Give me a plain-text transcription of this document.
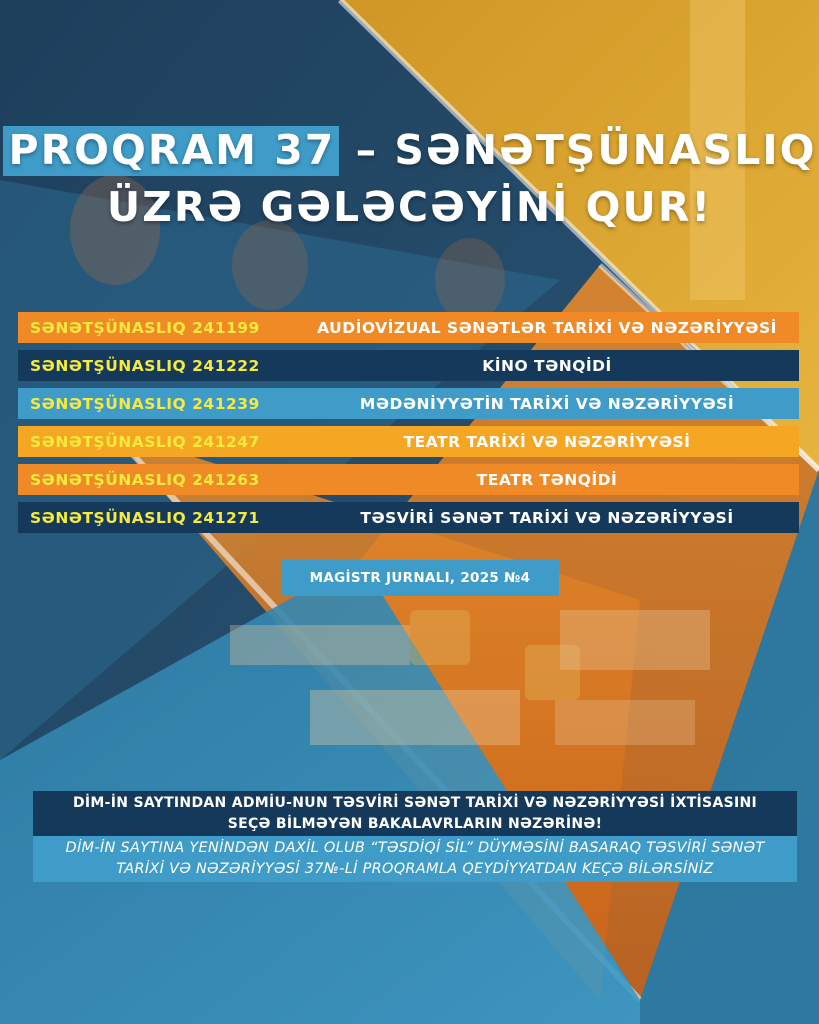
PROQRAM 37 – SƏNƏTŞÜNASLIQ
ÜZRƏ GƏLƏCƏYİNİ QUR!
SƏNƏTŞÜNASLIQ 241199	AUDİOVİZUAL SƏNƏTLƏR TARİXİ VƏ NƏZƏRİYYƏSİ
SƏNƏTŞÜNASLIQ 241222	KİNO TƏNQİDİ
SƏNƏTŞÜNASLIQ 241239	MƏDƏNİYYƏTİN TARİXİ VƏ NƏZƏRİYYƏSİ
SƏNƏTŞÜNASLIQ 241247	TEATR TARİXİ VƏ NƏZƏRİYYƏSİ
SƏNƏTŞÜNASLIQ 241263	TEATR TƏNQİDİ
SƏNƏTŞÜNASLIQ 241271	TƏSVİRİ SƏNƏT TARİXİ VƏ NƏZƏRİYYƏSİ
MAGİSTR JURNALI, 2025 №4
DİM-İN SAYTINDAN ADMİU-NUN TƏSVİRİ SƏNƏT TARİXİ VƏ NƏZƏRİYYƏSİ İXTİSASINI
SEÇƏ BİLMƏYƏN BAKALAVRLARIN NƏZƏRİNƏ!
DİM-İN SAYTINA YENİNDƏN DAXİL OLUB “TƏSDİQİ SİL” DÜYMƏSİNİ BASARAQ TƏSVİRİ SƏNƏT
TARİXİ VƏ NƏZƏRİYYƏSİ 37№-Lİ PROQRAMLA QEYDİYYATDAN KEÇƏ BİLƏRSİNİZ
